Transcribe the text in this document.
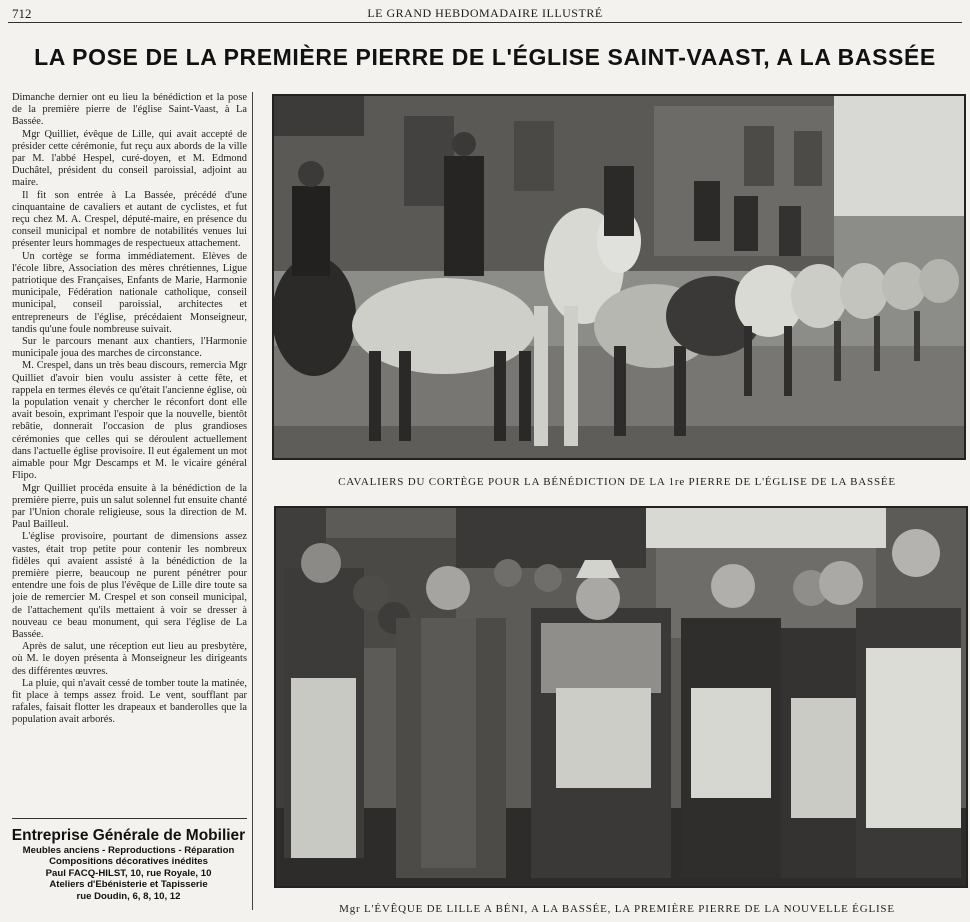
712	LE GRAND HEBDOMADAIRE ILLUSTRÉ
LA POSE DE LA PREMIÈRE PIERRE DE L'ÉGLISE SAINT-VAAST, A LA BASSÉE

Dimanche dernier ont eu lieu la bénédiction et la pose de la première pierre de l'église Saint-Vaast, à La Bassée.

Mgr Quilliet, évêque de Lille, qui avait accepté de présider cette cérémonie, fut reçu aux abords de la ville par M. l'abbé Hespel, curé-doyen, et M. Edmond Duchâtel, président du conseil paroissial, adjoint au maire.

Il fit son entrée à La Bassée, précédé d'une cinquantaine de cavaliers et autant de cyclistes, et fut reçu chez M. A. Crespel, député-maire, en présence du conseil municipal et nombre de notabilités venues lui présenter leurs hommages de respectueux attachement.

Un cortège se forma immédiatement. Elèves de l'école libre, Association des mères chrétiennes, Ligue patriotique des Françaises, Enfants de Marie, Harmonie municipale, Fédération nationale catholique, conseil municipal, conseil paroissial, architectes et entrepreneurs de l'église, précédaient Monseigneur, tandis qu'une foule nombreuse suivait.

Sur le parcours menant aux chantiers, l'Harmonie municipale joua des marches de circonstance.

M. Crespel, dans un très beau discours, remercia Mgr Quilliet d'avoir bien voulu assister à cette fête, et rappela en termes élevés ce qu'était l'ancienne église, où la population venait y chercher le réconfort dont elle avait besoin, exprimant l'espoir que la nouvelle, bientôt rebâtie, donnerait l'occasion de plus grandioses cérémonies que celles qui se déroulent actuellement dans l'actuelle église provisoire. Il eut également un mot aimable pour Mgr Descamps et M. le vicaire général Flipo.

Mgr Quilliet procéda ensuite à la bénédiction de la première pierre, puis un salut solennel fut ensuite chanté par l'Union chorale religieuse, sous la direction de M. Paul Bailleul.

L'église provisoire, pourtant de dimensions assez vastes, était trop petite pour contenir les nombreux fidèles qui avaient assisté à la bénédiction de la première pierre, beaucoup ne purent pénétrer pour entendre une fois de plus l'évêque de Lille dire toute sa joie de remercier M. Crespel et son conseil municipal, de l'attachement qu'ils mettaient à voir se dresser à nouveau ce beau monument, qui sera l'église de La Bassée.

Après de salut, une réception eut lieu au presbytère, où M. le doyen présenta à Monseigneur les dirigeants des différentes œuvres.

La pluie, qui n'avait cessé de tomber toute la matinée, fit place à temps assez froid. Le vent, soufflant par rafales, faisait flotter les drapeaux et banderolles que la population avait arborés.

Entreprise Générale de Mobilier
Meubles anciens - Reproductions - Réparation
Compositions décoratives inédites
Paul FACQ-HILST, 10, rue Royale, 10
Ateliers d'Ebénisterie et Tapisserie
rue Doudin, 6, 8, 10, 12
CAVALIERS DU CORTÈGE POUR LA BÉNÉDICTION DE LA 1re PIERRE DE L'ÉGLISE DE LA BASSÉE
Mgr L'ÉVÊQUE DE LILLE A BÉNI, A LA BASSÉE, LA PREMIÈRE PIERRE DE LA NOUVELLE ÉGLISE
